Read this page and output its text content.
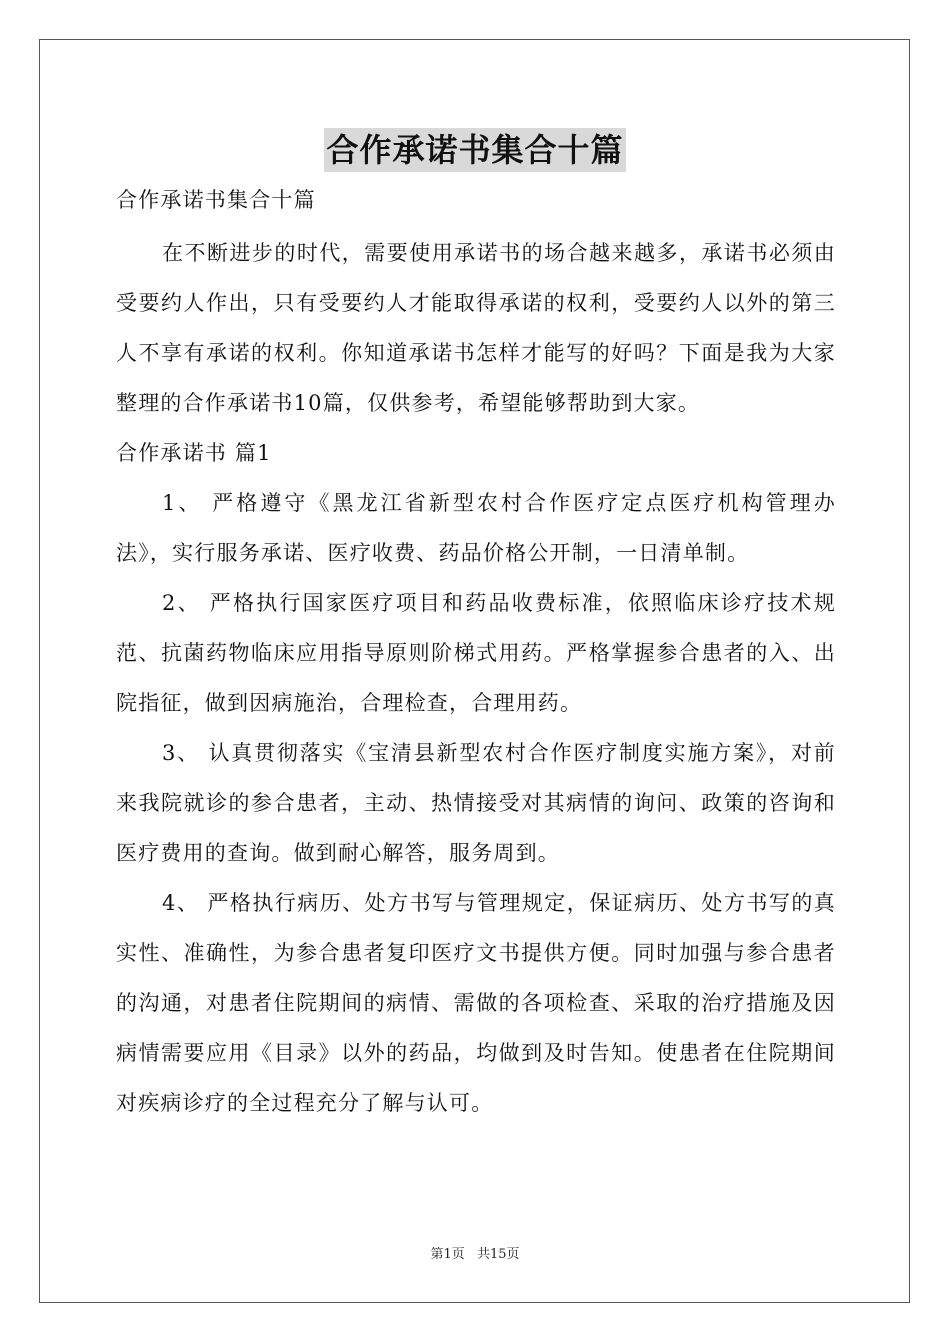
合作承诺书集合十篇

合作承诺书集合十篇

在不断进步的时代，需要使用承诺书的场合越来越多，承诺书必须由受要约人作出，只有受要约人才能取得承诺的权利，受要约人以外的第三人不享有承诺的权利。你知道承诺书怎样才能写的好吗？下面是我为大家整理的合作承诺书10篇，仅供参考，希望能够帮助到大家。

合作承诺书 篇1

1、 严格遵守《黑龙江省新型农村合作医疗定点医疗机构管理办法》，实行服务承诺、医疗收费、药品价格公开制，一日清单制。

2、 严格执行国家医疗项目和药品收费标准，依照临床诊疗技术规范、抗菌药物临床应用指导原则阶梯式用药。严格掌握参合患者的入、出院指征，做到因病施治，合理检查，合理用药。

3、 认真贯彻落实《宝清县新型农村合作医疗制度实施方案》，对前来我院就诊的参合患者，主动、热情接受对其病情的询问、政策的咨询和医疗费用的查询。做到耐心解答，服务周到。

4、 严格执行病历、处方书写与管理规定，保证病历、处方书写的真实性、准确性，为参合患者复印医疗文书提供方便。同时加强与参合患者的沟通，对患者住院期间的病情、需做的各项检查、采取的治疗措施及因病情需要应用《目录》以外的药品，均做到及时告知。使患者在住院期间对疾病诊疗的全过程充分了解与认可。

第1页 共15页
